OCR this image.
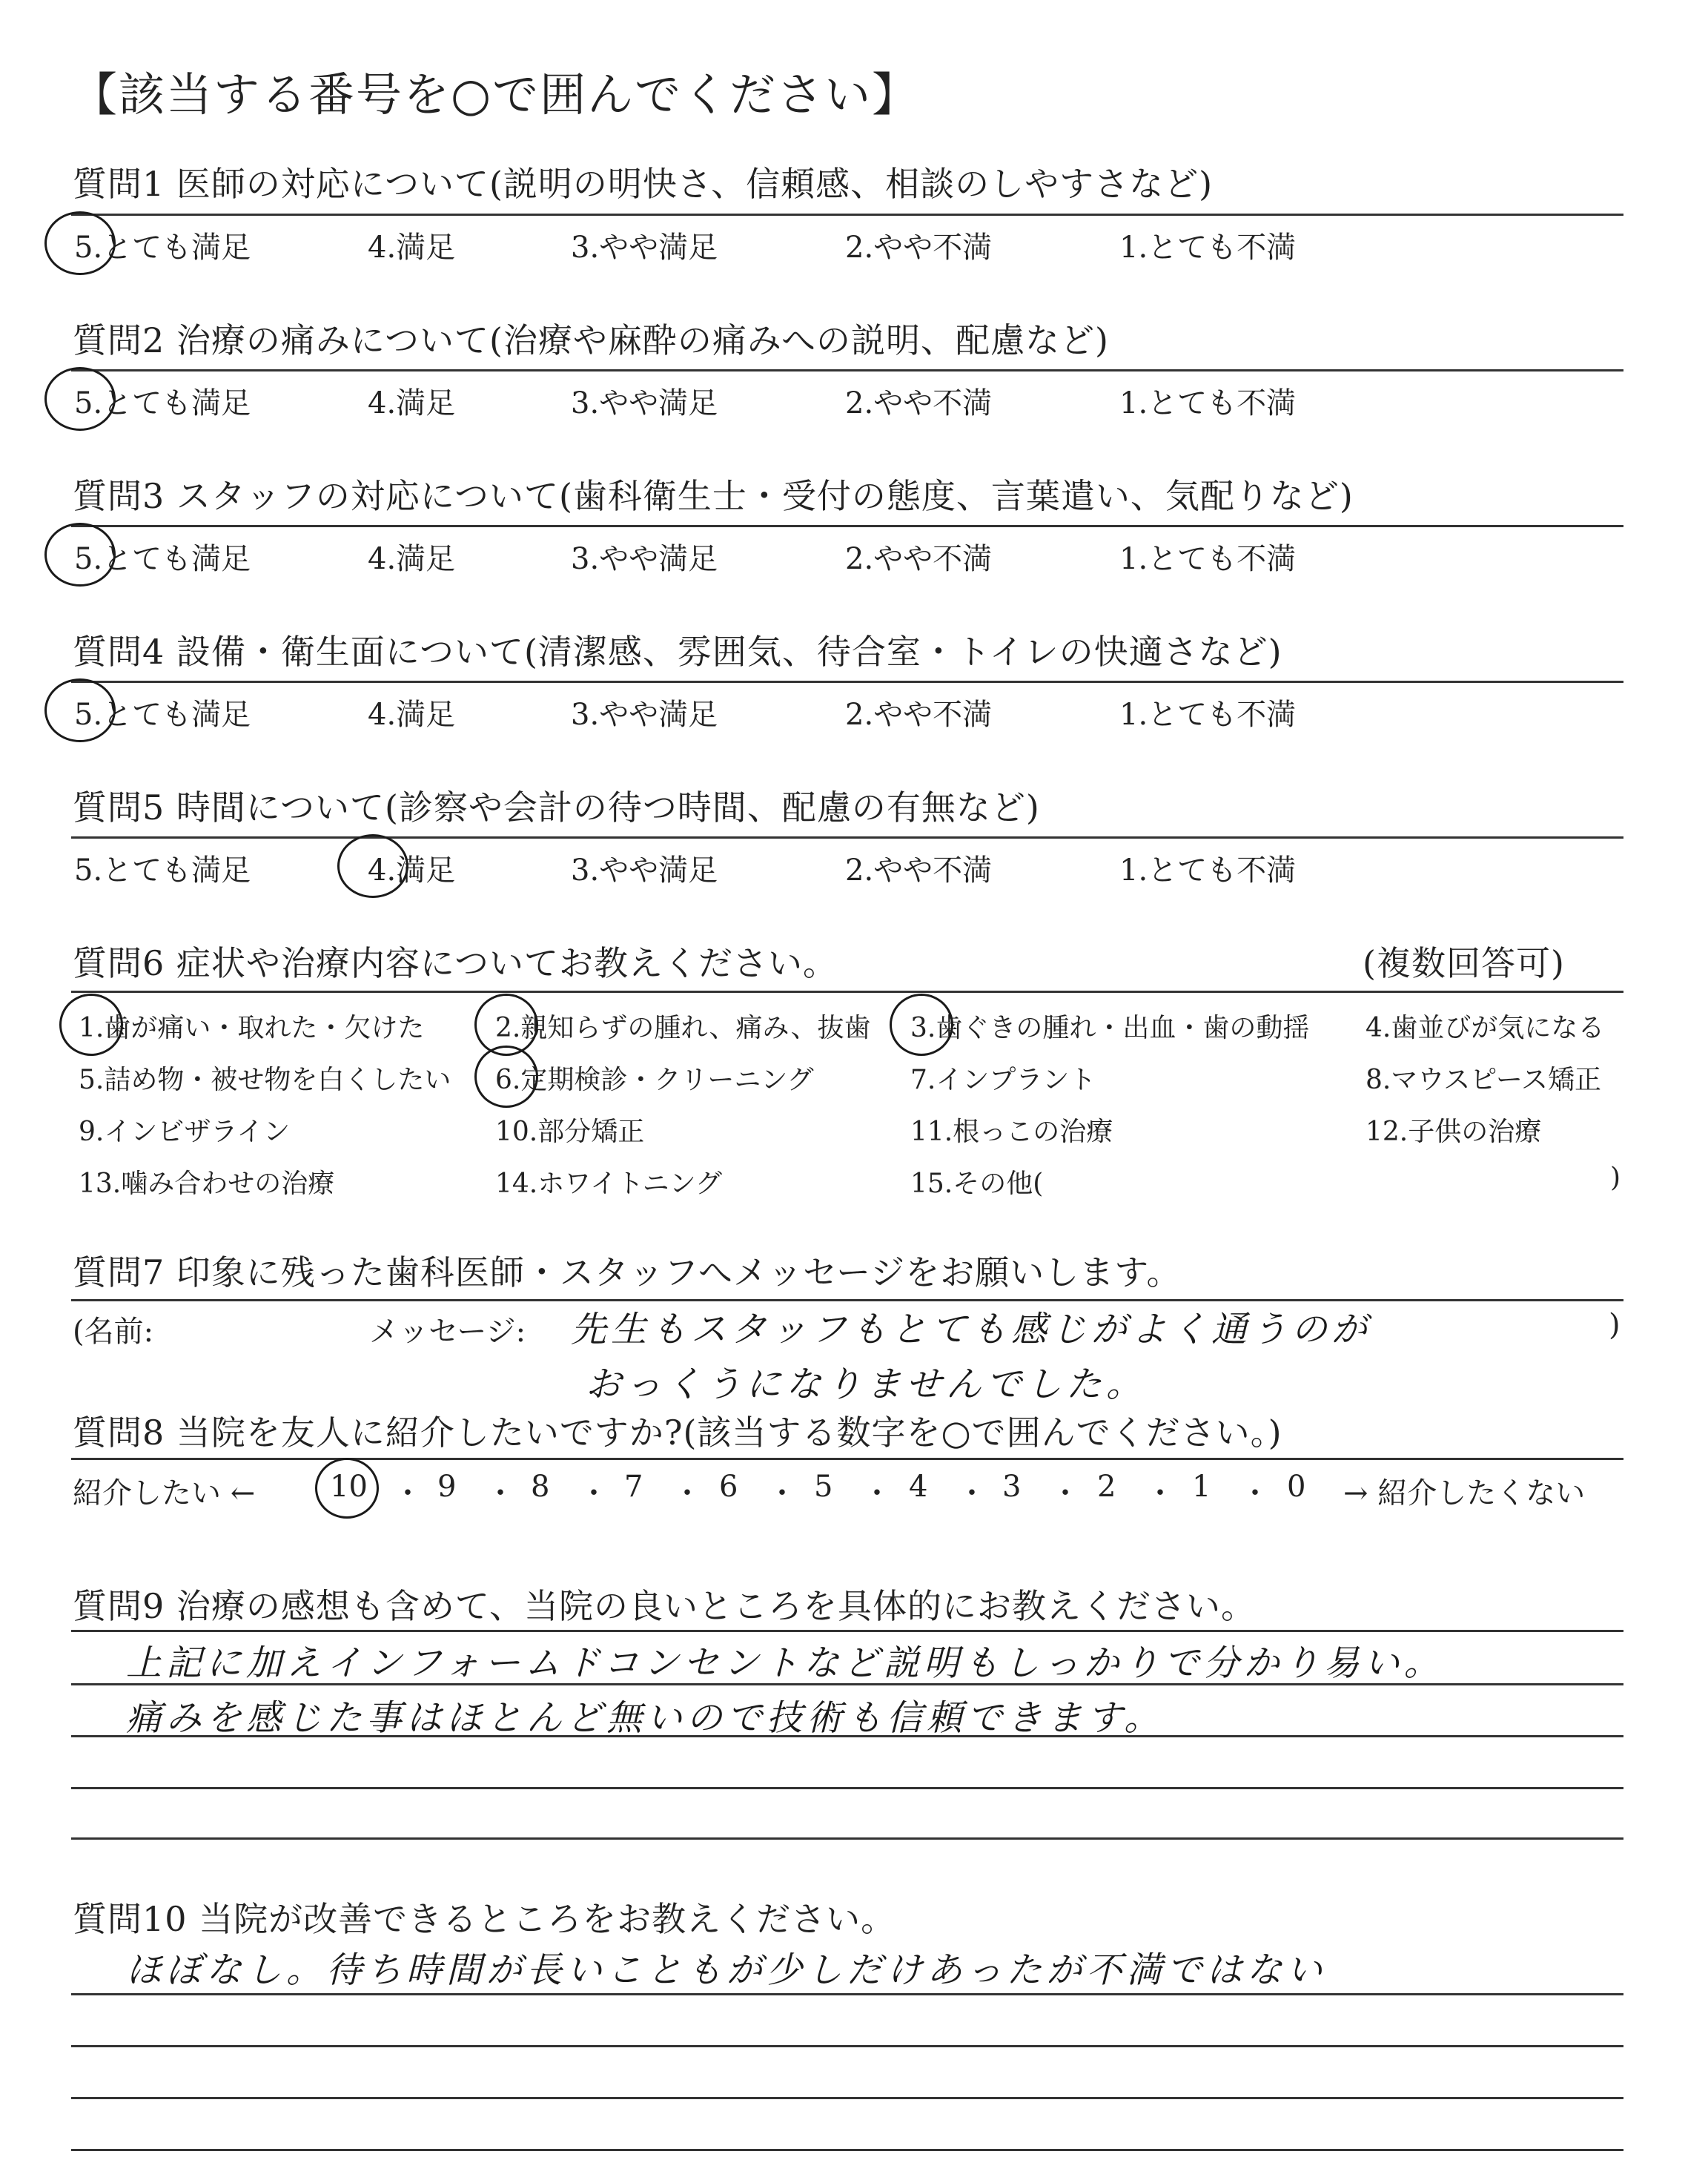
【該当する番号を○で囲んでください】
質問1 医師の対応について(説明の明快さ、信頼感、相談のしやすさなど)
5.とても満足	4.満足	3.やや満足	2.やや不満	1.とても不満
質問2 治療の痛みについて(治療や麻酔の痛みへの説明、配慮など)
5.とても満足	4.満足	3.やや満足	2.やや不満	1.とても不満
質問3 スタッフの対応について(歯科衛生士・受付の態度、言葉遣い、気配りなど)
5.とても満足	4.満足	3.やや満足	2.やや不満	1.とても不満
質問4 設備・衛生面について(清潔感、雰囲気、待合室・トイレの快適さなど)
5.とても満足	4.満足	3.やや満足	2.やや不満	1.とても不満
質問5 時間について(診察や会計の待つ時間、配慮の有無など)
5.とても満足	4.満足	3.やや満足	2.やや不満	1.とても不満
質問6 症状や治療内容についてお教えください。	(複数回答可)
1.歯が痛い・取れた・欠けた	2.親知らずの腫れ、痛み、抜歯 3.歯ぐきの腫れ・出血・歯の動揺 4.歯並びが気になる
5.詰め物・被せ物を白くしたい 6.定期検診・クリーニング	7.インプラント	8.マウスピース矯正
9.インビザライン	10.部分矯正	11.根っこの治療	12.子供の治療
13.噛み合わせの治療	14.ホワイトニング	15.その他(	)
質問7 印象に残った歯科医師・スタッフへメッセージをお願いします。
(名前:	メッセージ:	)
先生もスタッフもとても感じがよく通うのが
おっくうになりませんでした。
質問8 当院を友人に紹介したいですか?(該当する数字を○で囲んでください。)
紹介したい ←	10 ・ 9 ・ 8 ・ 7 ・ 6 ・ 5 ・ 4 ・ 3 ・ 2 ・ 1 ・ 0 → 紹介したくない
質問9 治療の感想も含めて、当院の良いところを具体的にお教えください。
上記に加えインフォームドコンセントなど説明もしっかりで分かり易い。
痛みを感じた事はほとんど無いので技術も信頼できます。
質問10 当院が改善できるところをお教えください。
ほぼなし。待ち時間が長いこともが少しだけあったが不満ではない
